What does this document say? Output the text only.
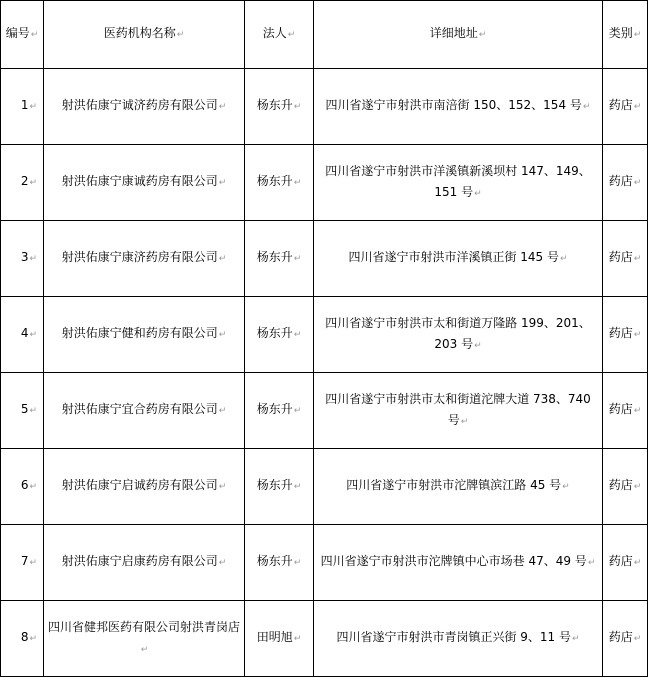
编号↵	医药机构名称↵	法人↵	详细地址↵	类别↵
1↵	射洪佑康宁诚济药房有限公司↵	杨东升↵	四川省遂宁市射洪市南涪街 150、152、154 号↵	药店↵
2↵	射洪佑康宁康诚药房有限公司↵	杨东升↵	四川省遂宁市射洪市洋溪镇新溪坝村 147、149、151 号↵	药店↵
3↵	射洪佑康宁康济药房有限公司↵	杨东升↵	四川省遂宁市射洪市洋溪镇正街 145 号↵	药店↵
4↵	射洪佑康宁健和药房有限公司↵	杨东升↵	四川省遂宁市射洪市太和街道万隆路 199、201、203 号↵	药店↵
5↵	射洪佑康宁宜合药房有限公司↵	杨东升↵	四川省遂宁市射洪市太和街道沱牌大道 738、740 号↵	药店↵
6↵	射洪佑康宁启诚药房有限公司↵	杨东升↵	四川省遂宁市射洪市沱牌镇滨江路 45 号↵	药店↵
7↵	射洪佑康宁启康药房有限公司↵	杨东升↵	四川省遂宁市射洪市沱牌镇中心市场巷 47、49 号↵	药店↵
8↵	四川省健邦医药有限公司射洪青岗店↵	田明旭↵	四川省遂宁市射洪市青岗镇正兴街 9、11 号↵	药店↵
